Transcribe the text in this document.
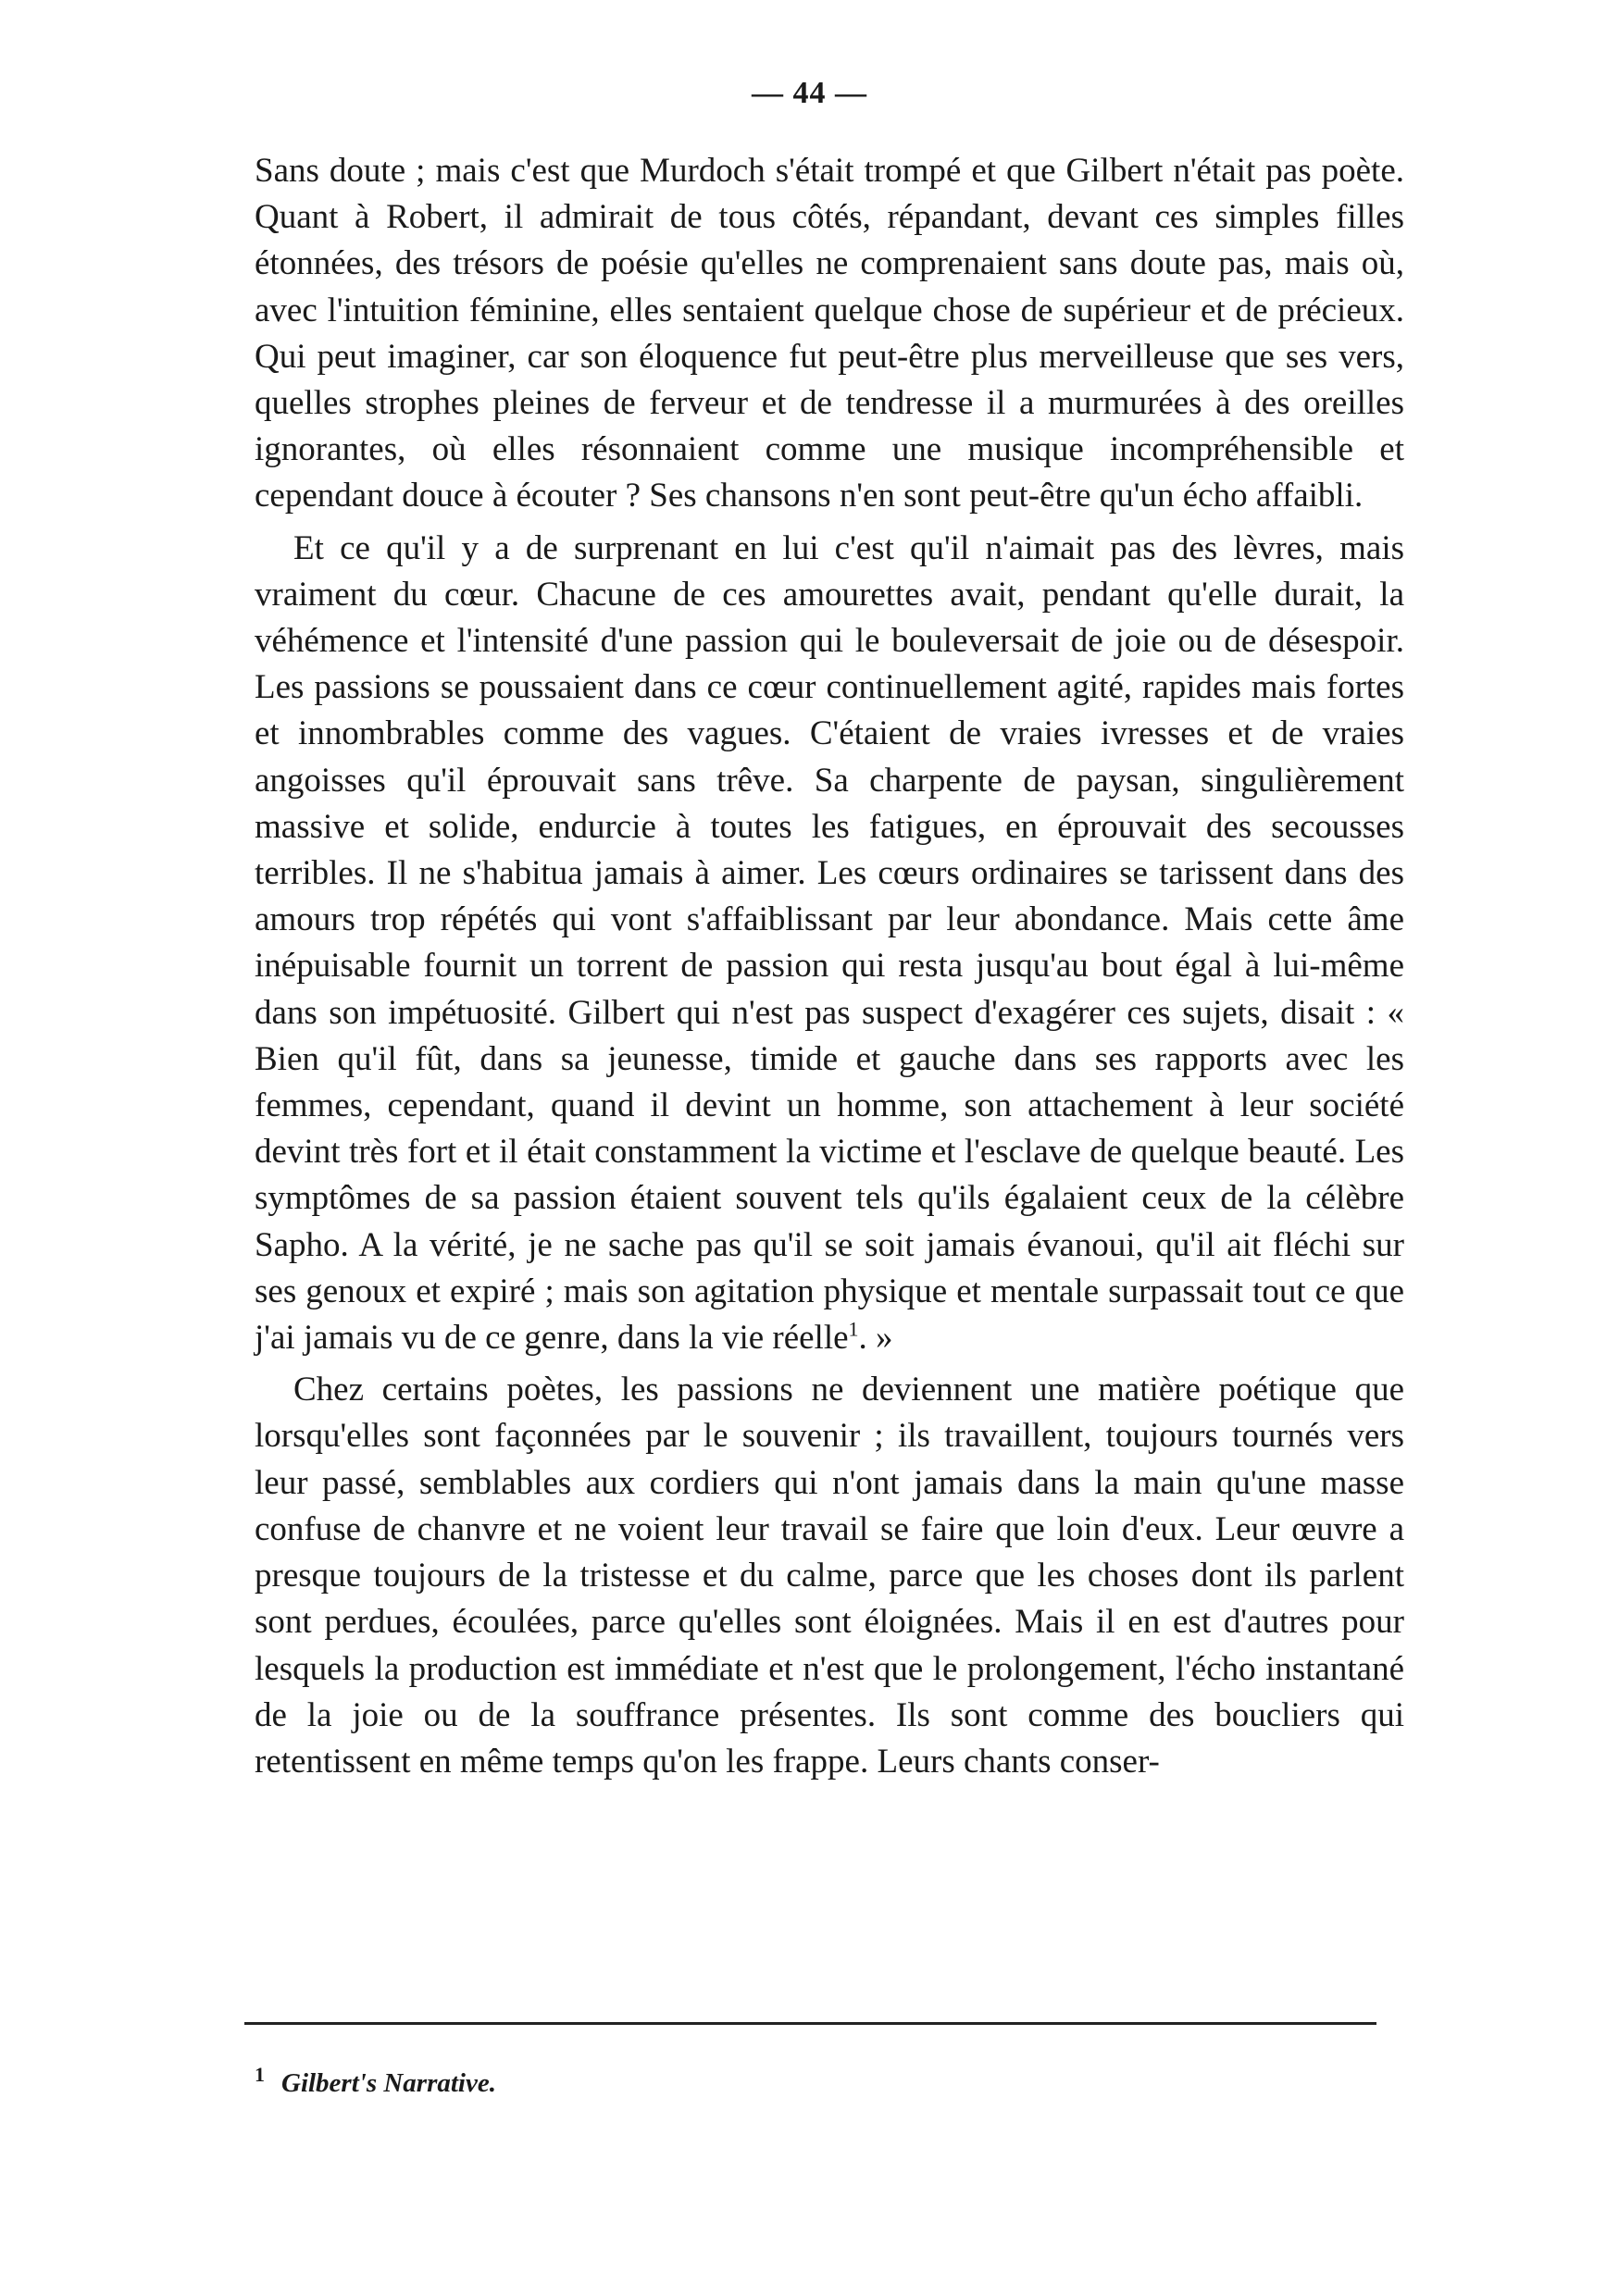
— 44 —

Sans doute ; mais c'est que Murdoch s'était trompé et que Gilbert n'était pas poète. Quant à Robert, il admirait de tous côtés, répandant, devant ces simples filles étonnées, des trésors de poésie qu'elles ne comprenaient sans doute pas, mais où, avec l'intuition féminine, elles sentaient quelque chose de supérieur et de précieux. Qui peut imaginer, car son éloquence fut peut-être plus merveilleuse que ses vers, quelles strophes pleines de ferveur et de tendresse il a murmurées à des oreilles ignorantes, où elles résonnaient comme une musique incompréhensible et cependant douce à écouter ? Ses chansons n'en sont peut-être qu'un écho affaibli.

Et ce qu'il y a de surprenant en lui c'est qu'il n'aimait pas des lèvres, mais vraiment du cœur. Chacune de ces amourettes avait, pendant qu'elle durait, la véhémence et l'intensité d'une passion qui le bouleversait de joie ou de désespoir. Les passions se poussaient dans ce cœur continuellement agité, rapides mais fortes et innombrables comme des vagues. C'étaient de vraies ivresses et de vraies angoisses qu'il éprouvait sans trêve. Sa charpente de paysan, singulièrement massive et solide, endurcie à toutes les fatigues, en éprouvait des secousses terribles. Il ne s'habitua jamais à aimer. Les cœurs ordinaires se tarissent dans des amours trop répétés qui vont s'affaiblissant par leur abondance. Mais cette âme inépuisable fournit un torrent de passion qui resta jusqu'au bout égal à lui-même dans son impétuosité. Gilbert qui n'est pas suspect d'exagérer ces sujets, disait : « Bien qu'il fût, dans sa jeunesse, timide et gauche dans ses rapports avec les femmes, cependant, quand il devint un homme, son attachement à leur société devint très fort et il était constamment la victime et l'esclave de quelque beauté. Les symptômes de sa passion étaient souvent tels qu'ils égalaient ceux de la célèbre Sapho. A la vérité, je ne sache pas qu'il se soit jamais évanoui, qu'il ait fléchi sur ses genoux et expiré ; mais son agitation physique et mentale surpassait tout ce que j'ai jamais vu de ce genre, dans la vie réelle$^1$. »

Chez certains poètes, les passions ne deviennent une matière poétique que lorsqu'elles sont façonnées par le souvenir ; ils travaillent, toujours tournés vers leur passé, semblables aux cordiers qui n'ont jamais dans la main qu'une masse confuse de chanvre et ne voient leur travail se faire que loin d'eux. Leur œuvre a presque toujours de la tristesse et du calme, parce que les choses dont ils parlent sont perdues, écoulées, parce qu'elles sont éloignées. Mais il en est d'autres pour lesquels la production est immédiate et n'est que le prolongement, l'écho instantané de la joie ou de la souffrance présentes. Ils sont comme des boucliers qui retentissent en même temps qu'on les frappe. Leurs chants conser-

$^1$ Gilbert's Narrative.
